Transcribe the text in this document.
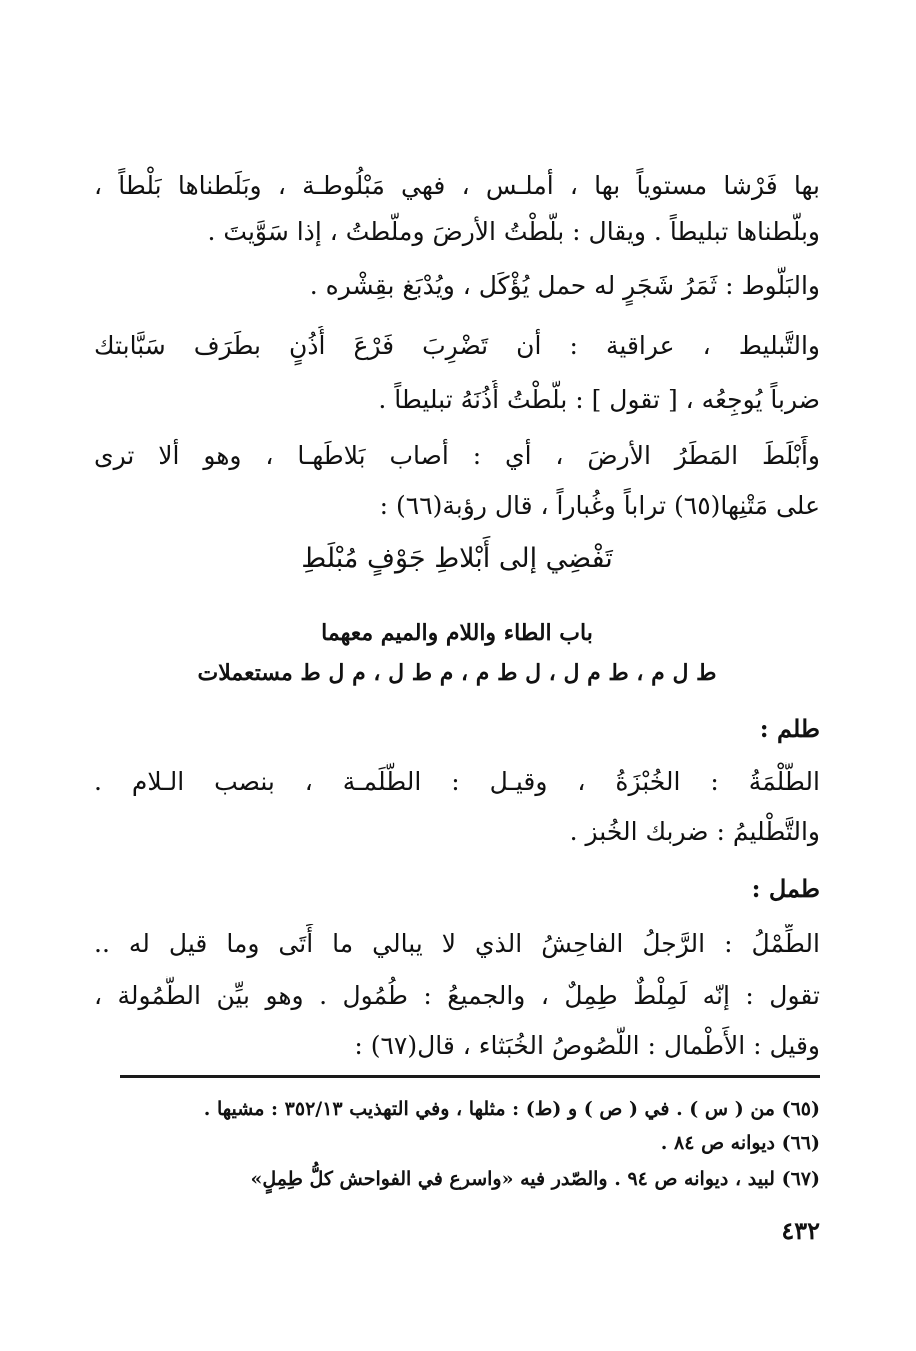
بها فَرْشا مستوياً بها ، أملـس ، فهي مَبْلُوطـة ، وبَلَطناها بَلْطاً ،
وبلَّطناها تبليطاً . ويقال : بلَّطْتُ الأرضَ وملّطتُ ، إذا سَوَّيتَ .
والبَلُّوط : ثَمَرُ شَجَرٍ له حمل يُؤْكَل ، ويُدْبَغ بقِشْره .
والتَّبليط ، عراقية : أن تَضْرِبَ فَرْعَ أُذُنٍ بطَرَف سَبَّابتك
ضرباً يُوجِعُه ، [ تقول ] : بلَّطْتُ أُذُنَهُ تبليطاً .
وأَبْلَطَ المَطَرُ الأرضَ ، أي : أصاب بَلاطَهـا ، وهو ألا ترى
على مَتْنِها(٦٥) تراباً وغُباراً ، قال رؤبة(٦٦) :
تَفْضِي إلى أَبْلاطِ جَوْفٍ مُبْلَطِ
باب الطاء واللام والميم معهما
ط ل م ، ط م ل ، ل ط م ، م ط ل ، م ل ط مستعملات
طلم :
الطُّلْمَةُ : الخُبْزَةُ ، وقيـل : الطَّلَمـة ، بنصب الـلام .
والتَّطْليمُ : ضربك الخُبز .
طمل :
الطِّمْلُ : الرَّجلُ الفاحِشُ الذي لا يبالي ما أَتَى وما قيل له ..
تقول : إنّه لَمِلْطٌ طِمِلٌ ، والجميعُ : طُمُول . وهو بيِّن الطُّمُولة ،
وقيل : الأَطْمال : اللُّصُوصُ الخُبَثاء ، قال(٦٧) :
(٦٥) من ( س ) . في ( ص ) و (ط) : مثلها ، وفي التهذيب ٣٥٢/١٣ : مشيها .
(٦٦) ديوانه ص ٨٤ .
(٦٧) لبيد ، ديوانه ص ٩٤ . والصّدر فيه «واسرع في الفواحش كلُّ طِمِلٍ»
٤٣٢
